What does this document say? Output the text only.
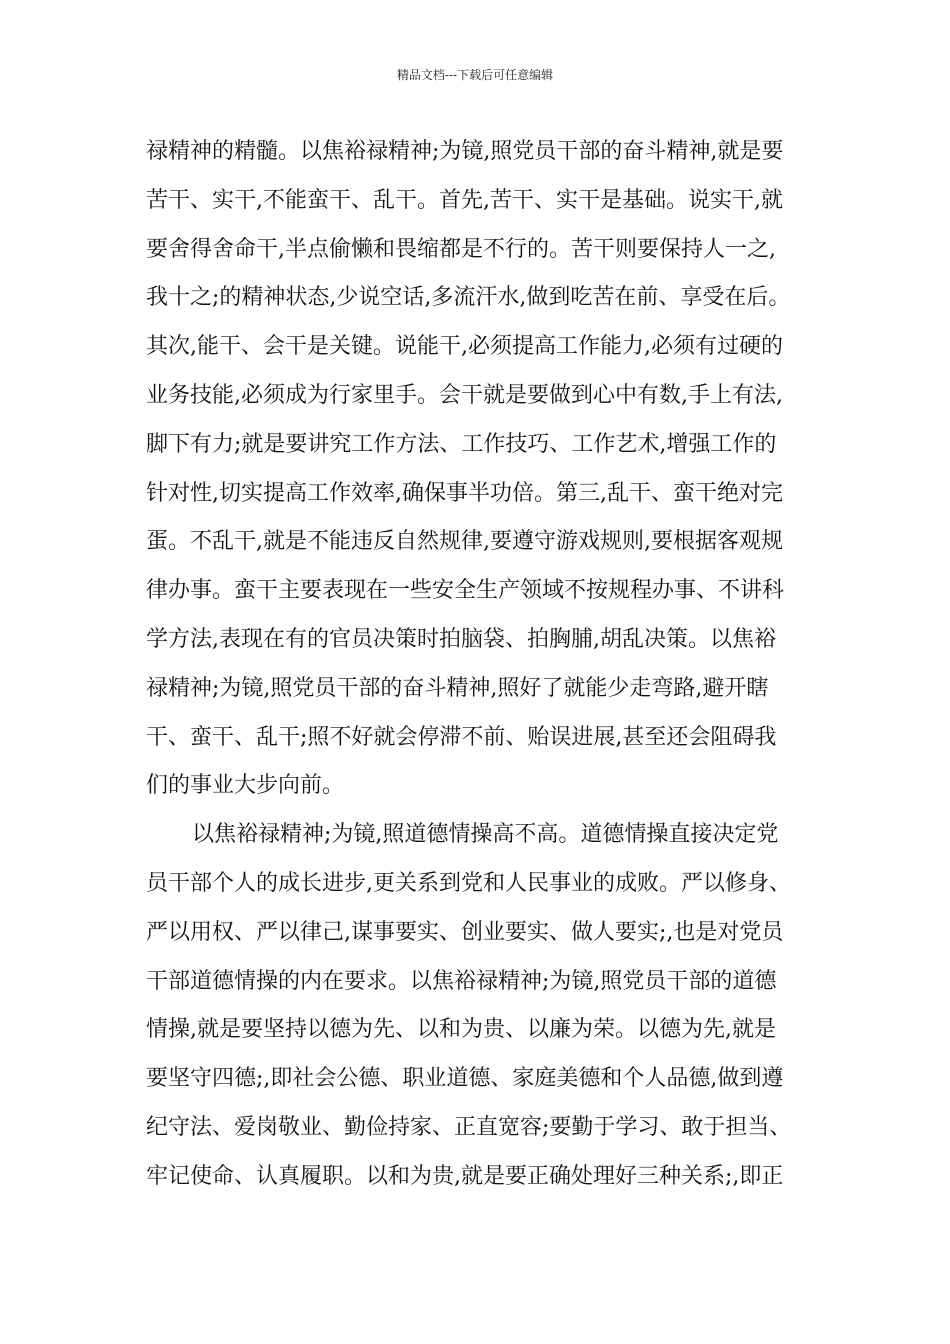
精品文档---下载后可任意编辑
禄精神的精髓。以焦裕禄精神;为镜,照党员干部的奋斗精神,就是要
苦干、实干,不能蛮干、乱干。首先,苦干、实干是基础。说实干,就
要舍得舍命干,半点偷懒和畏缩都是不行的。苦干则要保持人一之,
我十之;的精神状态,少说空话,多流汗水,做到吃苦在前、享受在后。
其次,能干、会干是关键。说能干,必须提高工作能力,必须有过硬的
业务技能,必须成为行家里手。会干就是要做到心中有数,手上有法,
脚下有力;就是要讲究工作方法、工作技巧、工作艺术,增强工作的
针对性,切实提高工作效率,确保事半功倍。第三,乱干、蛮干绝对完
蛋。不乱干,就是不能违反自然规律,要遵守游戏规则,要根据客观规
律办事。蛮干主要表现在一些安全生产领域不按规程办事、不讲科
学方法,表现在有的官员决策时拍脑袋、拍胸脯,胡乱决策。以焦裕
禄精神;为镜,照党员干部的奋斗精神,照好了就能少走弯路,避开瞎
干、蛮干、乱干;照不好就会停滞不前、贻误进展,甚至还会阻碍我
们的事业大步向前。
以焦裕禄精神;为镜,照道德情操高不高。道德情操直接决定党
员干部个人的成长进步,更关系到党和人民事业的成败。严以修身、
严以用权、严以律己,谋事要实、创业要实、做人要实;,也是对党员
干部道德情操的内在要求。以焦裕禄精神;为镜,照党员干部的道德
情操,就是要坚持以德为先、以和为贵、以廉为荣。以德为先,就是
要坚守四德;,即社会公德、职业道德、家庭美德和个人品德,做到遵
纪守法、爱岗敬业、勤俭持家、正直宽容;要勤于学习、敢于担当、
牢记使命、认真履职。以和为贵,就是要正确处理好三种关系;,即正
